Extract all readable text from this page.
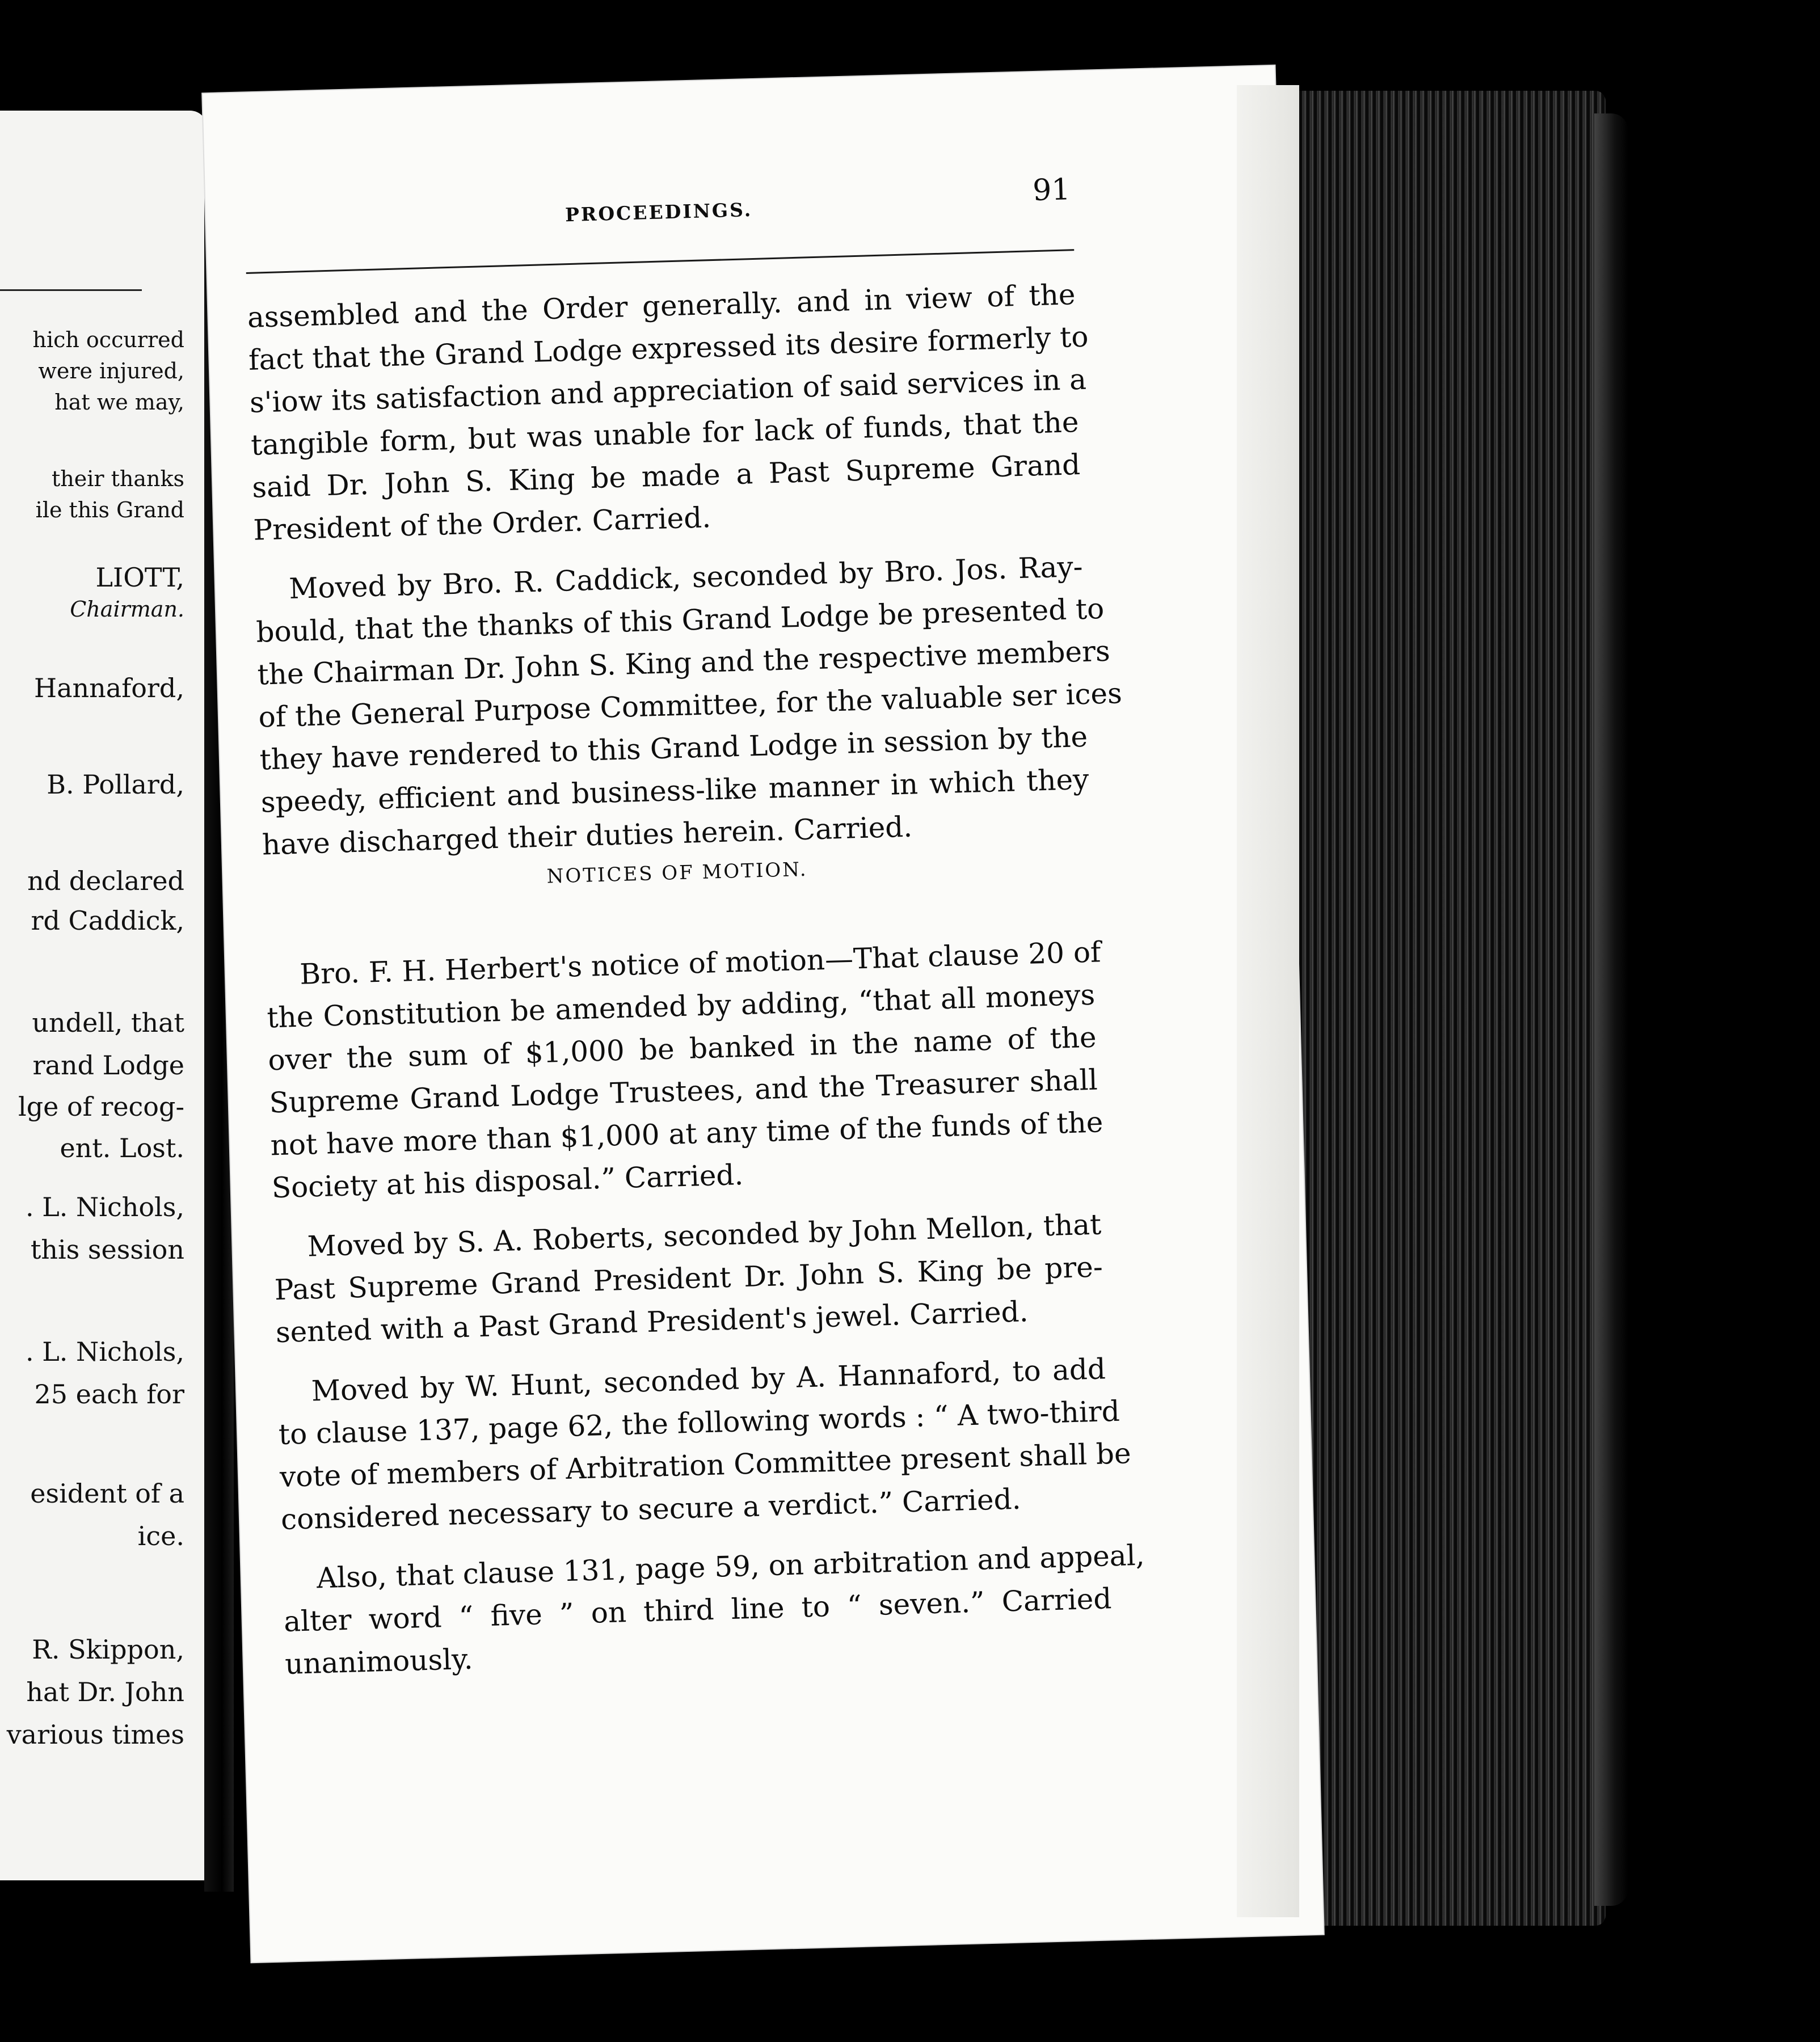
hich occurred
were injured,
hat we may,
their thanks
ile this Grand
LIOTT,
Chairman.
Hannaford,
B. Pollard,
nd declared
rd Caddick,
undell, that
rand Lodge
lge of recog-
ent. Lost.
. L. Nichols,
this session
. L. Nichols,
25 each for
esident of a
ice.
R. Skippon,
hat Dr. John
various times
PROCEEDINGS.
91
assembled and the Order generally. and in view of the
fact that the Grand Lodge expressed its desire formerly to
s'iow its satisfaction and appreciation of said services in a
tangible form, but was unable for lack of funds, that the
said Dr. John S. King be made a Past Supreme Grand
President of the Order. Carried.
Moved by Bro. R. Caddick, seconded by Bro. Jos. Ray-
bould, that the thanks of this Grand Lodge be presented to
the Chairman Dr. John S. King and the respective members
of the General Purpose Committee, for the valuable ser ices
they have rendered to this Grand Lodge in session by the
speedy, efficient and business-like manner in which they
have discharged their duties herein. Carried.
NOTICES OF MOTION.
Bro. F. H. Herbert's notice of motion—That clause 20 of
the Constitution be amended by adding, “that all moneys
over the sum of $1,000 be banked in the name of the
Supreme Grand Lodge Trustees, and the Treasurer shall
not have more than $1,000 at any time of the funds of the
Society at his disposal.” Carried.
Moved by S. A. Roberts, seconded by John Mellon, that
Past Supreme Grand President Dr. John S. King be pre-
sented with a Past Grand President's jewel. Carried.
Moved by W. Hunt, seconded by A. Hannaford, to add
to clause 137, page 62, the following words : “ A two-third
vote of members of Arbitration Committee present shall be
considered necessary to secure a verdict.” Carried.
Also, that clause 131, page 59, on arbitration and appeal,
alter word “ five ” on third line to “ seven.” Carried
unanimously.
